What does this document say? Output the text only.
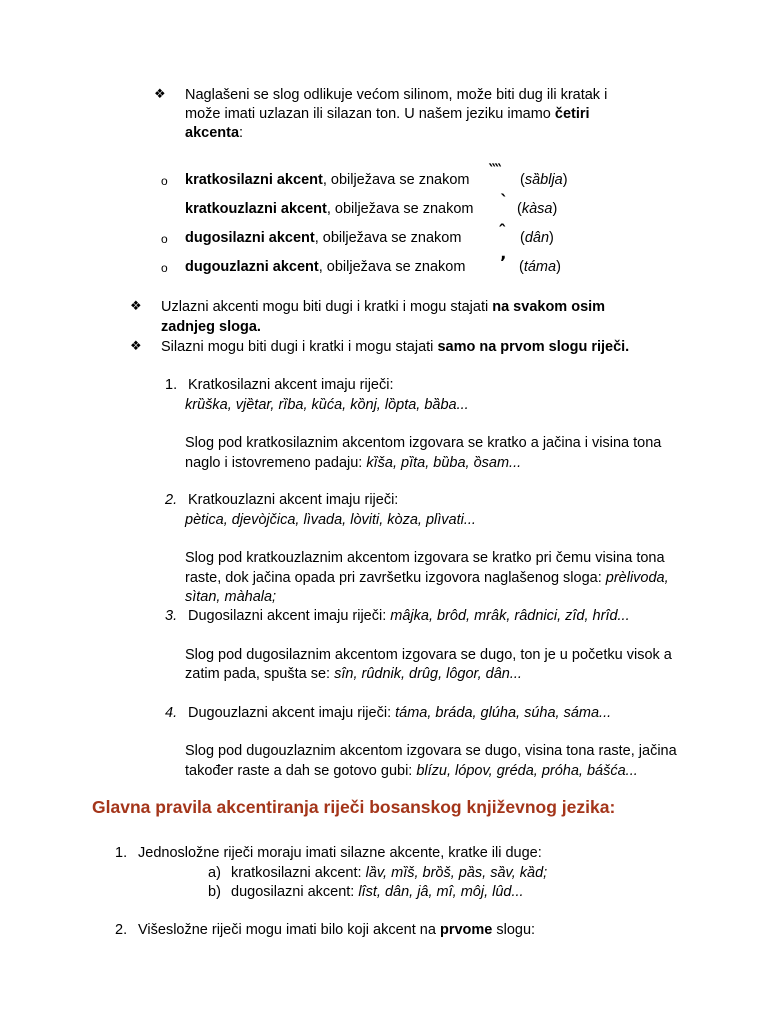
❖ Naglašeni se slog odlikuje većom silinom, može biti dug ili kratak i
može imati uzlazan ili silazan ton. U našem jeziku imamo četiri
akcenta:
o kratkosilazni akcent, obilježava se znakom ̏ ̏ (sȁblja)
kratkouzlazni akcent, obilježava se znakom ` (kàsa)
o dugosilazni akcent, obilježava se znakom ˆ (dân)
o dugouzlazni akcent, obilježava se znakom ʼ (táma)
❖ Uzlazni akcenti mogu biti dugi i kratki i mogu stajati na svakom osim
zadnjeg sloga.
❖ Silazni mogu biti dugi i kratki i mogu stajati samo na prvom slogu riječi.
1. Kratkosilazni akcent imaju riječi:
krȕška, vjȅtar, rȉba, kȕća, kȍnj, lȍpta, bȁba...
Slog pod kratkosilaznim akcentom izgovara se kratko a jačina i visina tona
naglo i istovremeno padaju: kȉša, pȉta, bȕba, ȍsam...
2. Kratkouzlazni akcent imaju riječi:
pètica, djevòjčica, lìvada, lòviti, kòza, plìvati...
Slog pod kratkouzlaznim akcentom izgovara se kratko pri čemu visina tona
raste, dok jačina opada pri završetku izgovora naglašenog sloga: prèlivoda,
sìtan, màhala;
3. Dugosilazni akcent imaju riječi: mâjka, brôd, mrâk, râdnici, zîd, hrîd...
Slog pod dugosilaznim akcentom izgovara se dugo, ton je u početku visok a
zatim pada, spušta se: sîn, rûdnik, drûg, lôgor, dân...
4. Dugouzlazni akcent imaju riječi: táma, bráda, glúha, súha, sáma...
Slog pod dugouzlaznim akcentom izgovara se dugo, visina tona raste, jačina
također raste a dah se gotovo gubi: blízu, lópov, gréda, próha, bášća...
Glavna pravila akcentiranja riječi bosanskog književnog jezika:
1. Jednosložne riječi moraju imati silazne akcente, kratke ili duge:
a) kratkosilazni akcent: lȁv, mȉš, brȍš, pȁs, sȁv, kȁd;
b) dugosilazni akcent: lîst, dân, jâ, mî, môj, lûd...
2. Višesložne riječi mogu imati bilo koji akcent na prvome slogu:
